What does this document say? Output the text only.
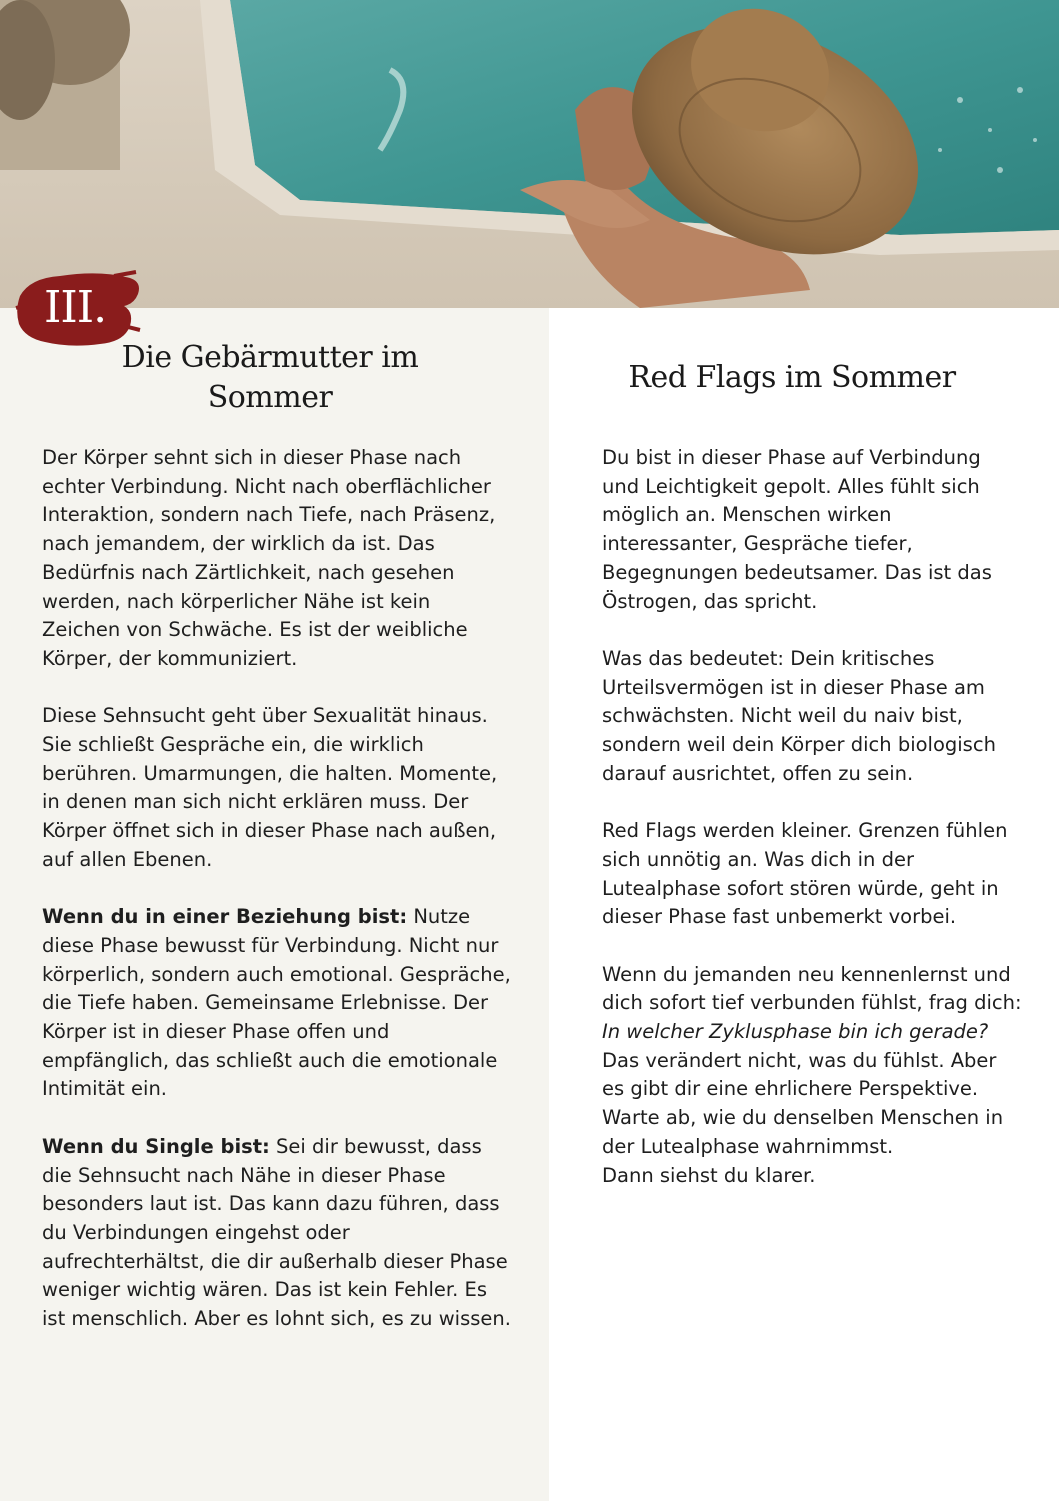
III.
Die Gebärmutter im Sommer
Red Flags im Sommer

Der Körper sehnt sich in dieser Phase nach echter Verbindung. Nicht nach oberflächlicher Interaktion, sondern nach Tiefe, nach Präsenz, nach jemandem, der wirklich da ist. Das Bedürfnis nach Zärtlichkeit, nach gesehen werden, nach körperlicher Nähe ist kein Zeichen von Schwäche. Es ist der weibliche Körper, der kommuniziert.

Diese Sehnsucht geht über Sexualität hinaus. Sie schließt Gespräche ein, die wirklich berühren. Umarmungen, die halten. Momente, in denen man sich nicht erklären muss. Der Körper öffnet sich in dieser Phase nach außen, auf allen Ebenen.

Wenn du in einer Beziehung bist: Nutze diese Phase bewusst für Verbindung. Nicht nur körperlich, sondern auch emotional. Gespräche, die Tiefe haben. Gemeinsame Erlebnisse. Der Körper ist in dieser Phase offen und empfänglich, das schließt auch die emotionale Intimität ein.

Wenn du Single bist: Sei dir bewusst, dass die Sehnsucht nach Nähe in dieser Phase besonders laut ist. Das kann dazu führen, dass du Verbindungen eingehst oder aufrechterhältst, die dir außerhalb dieser Phase weniger wichtig wären. Das ist kein Fehler. Es ist menschlich. Aber es lohnt sich, es zu wissen.

Du bist in dieser Phase auf Verbindung und Leichtigkeit gepolt. Alles fühlt sich möglich an. Menschen wirken interessanter, Gespräche tiefer, Begegnungen bedeutsamer. Das ist das Östrogen, das spricht.

Was das bedeutet: Dein kritisches Urteilsvermögen ist in dieser Phase am schwächsten. Nicht weil du naiv bist, sondern weil dein Körper dich biologisch darauf ausrichtet, offen zu sein.

Red Flags werden kleiner. Grenzen fühlen sich unnötig an. Was dich in der Lutealphase sofort stören würde, geht in dieser Phase fast unbemerkt vorbei.

Wenn du jemanden neu kennenlernst und dich sofort tief verbunden fühlst, frag dich: In welcher Zyklusphase bin ich gerade? Das verändert nicht, was du fühlst. Aber es gibt dir eine ehrlichere Perspektive. Warte ab, wie du denselben Menschen in der Lutealphase wahrnimmst.
Dann siehst du klarer.
